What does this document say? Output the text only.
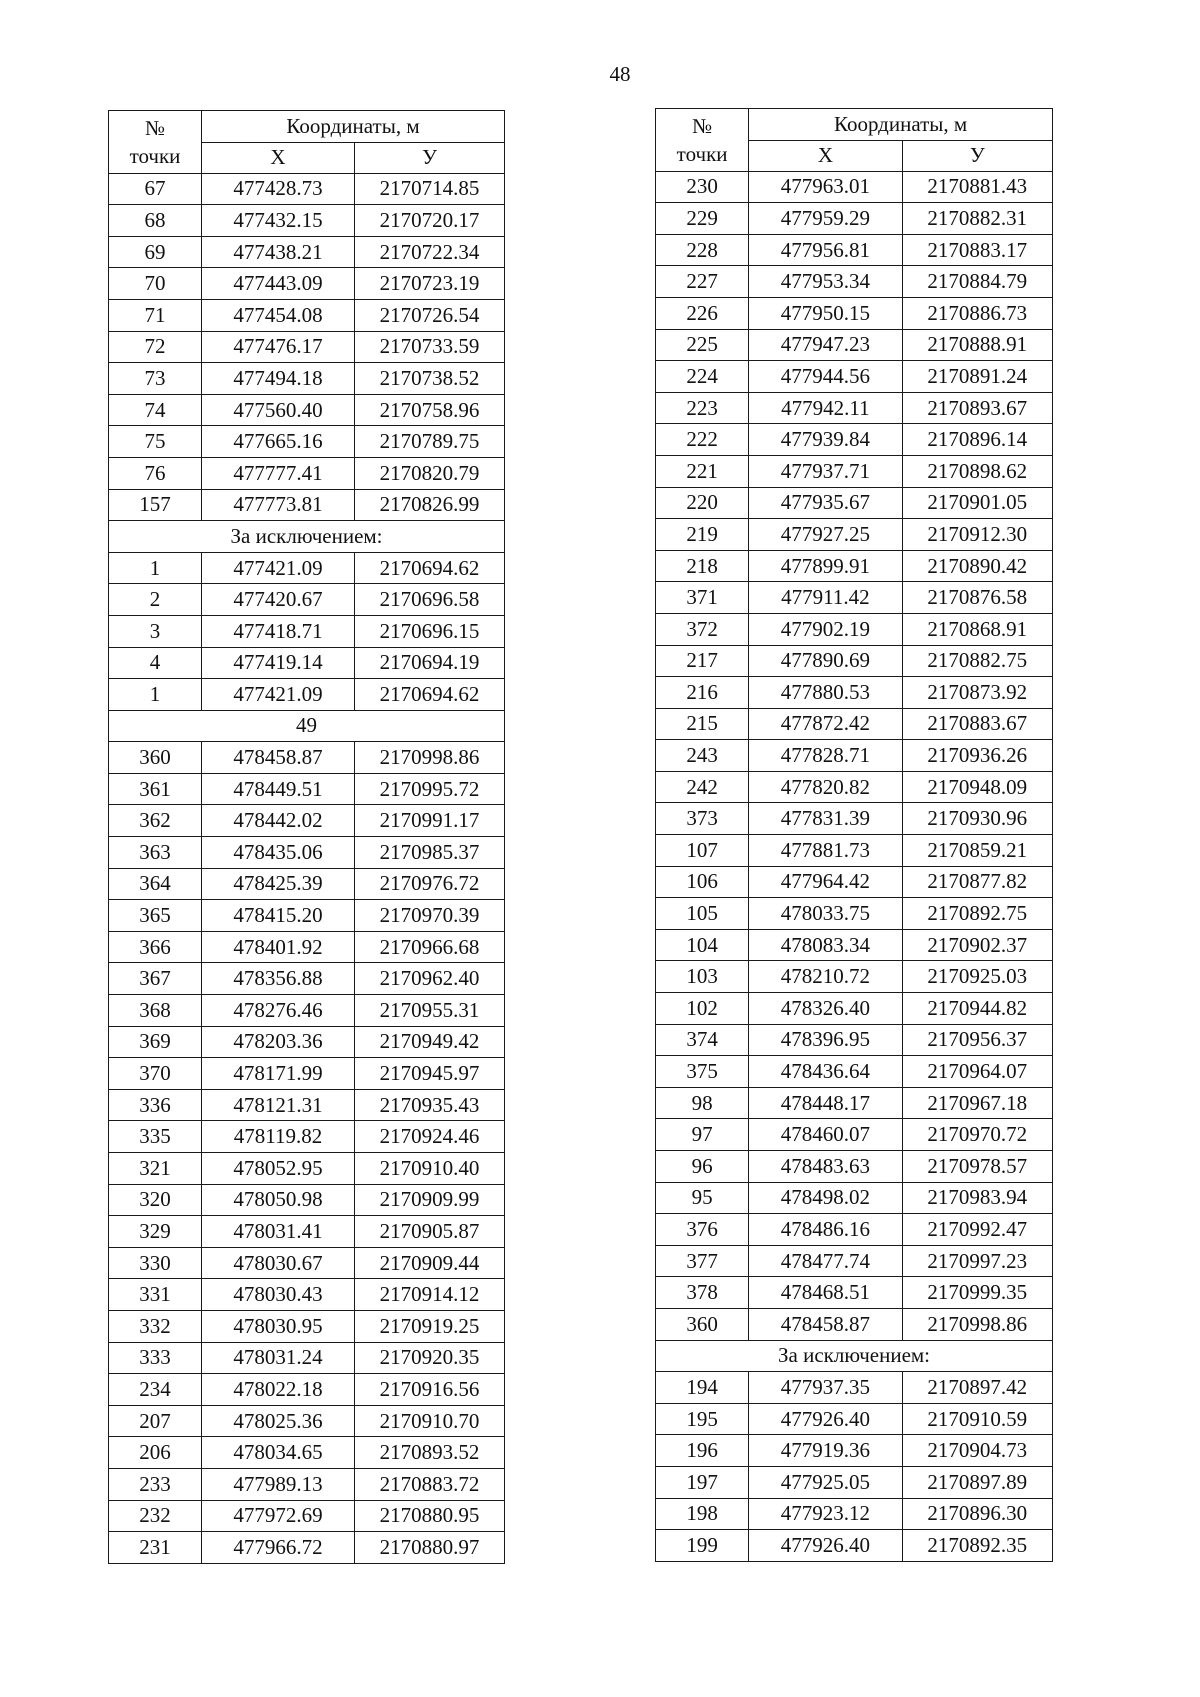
48
№
точки	Координаты, м	
	Х	У
67	477428.73	2170714.85
68	477432.15	2170720.17
69	477438.21	2170722.34
70	477443.09	2170723.19
71	477454.08	2170726.54
72	477476.17	2170733.59
73	477494.18	2170738.52
74	477560.40	2170758.96
75	477665.16	2170789.75
76	477777.41	2170820.79
157	477773.81	2170826.99
За исключением:		
1	477421.09	2170694.62
2	477420.67	2170696.58
3	477418.71	2170696.15
4	477419.14	2170694.19
1	477421.09	2170694.62
49		
360	478458.87	2170998.86
361	478449.51	2170995.72
362	478442.02	2170991.17
363	478435.06	2170985.37
364	478425.39	2170976.72
365	478415.20	2170970.39
366	478401.92	2170966.68
367	478356.88	2170962.40
368	478276.46	2170955.31
369	478203.36	2170949.42
370	478171.99	2170945.97
336	478121.31	2170935.43
335	478119.82	2170924.46
321	478052.95	2170910.40
320	478050.98	2170909.99
329	478031.41	2170905.87
330	478030.67	2170909.44
331	478030.43	2170914.12
332	478030.95	2170919.25
333	478031.24	2170920.35
234	478022.18	2170916.56
207	478025.36	2170910.70
206	478034.65	2170893.52
233	477989.13	2170883.72
232	477972.69	2170880.95
231	477966.72	2170880.97
№
точки	Координаты, м	
	Х	У
230	477963.01	2170881.43
229	477959.29	2170882.31
228	477956.81	2170883.17
227	477953.34	2170884.79
226	477950.15	2170886.73
225	477947.23	2170888.91
224	477944.56	2170891.24
223	477942.11	2170893.67
222	477939.84	2170896.14
221	477937.71	2170898.62
220	477935.67	2170901.05
219	477927.25	2170912.30
218	477899.91	2170890.42
371	477911.42	2170876.58
372	477902.19	2170868.91
217	477890.69	2170882.75
216	477880.53	2170873.92
215	477872.42	2170883.67
243	477828.71	2170936.26
242	477820.82	2170948.09
373	477831.39	2170930.96
107	477881.73	2170859.21
106	477964.42	2170877.82
105	478033.75	2170892.75
104	478083.34	2170902.37
103	478210.72	2170925.03
102	478326.40	2170944.82
374	478396.95	2170956.37
375	478436.64	2170964.07
98	478448.17	2170967.18
97	478460.07	2170970.72
96	478483.63	2170978.57
95	478498.02	2170983.94
376	478486.16	2170992.47
377	478477.74	2170997.23
378	478468.51	2170999.35
360	478458.87	2170998.86
За исключением:		
194	477937.35	2170897.42
195	477926.40	2170910.59
196	477919.36	2170904.73
197	477925.05	2170897.89
198	477923.12	2170896.30
199	477926.40	2170892.35
